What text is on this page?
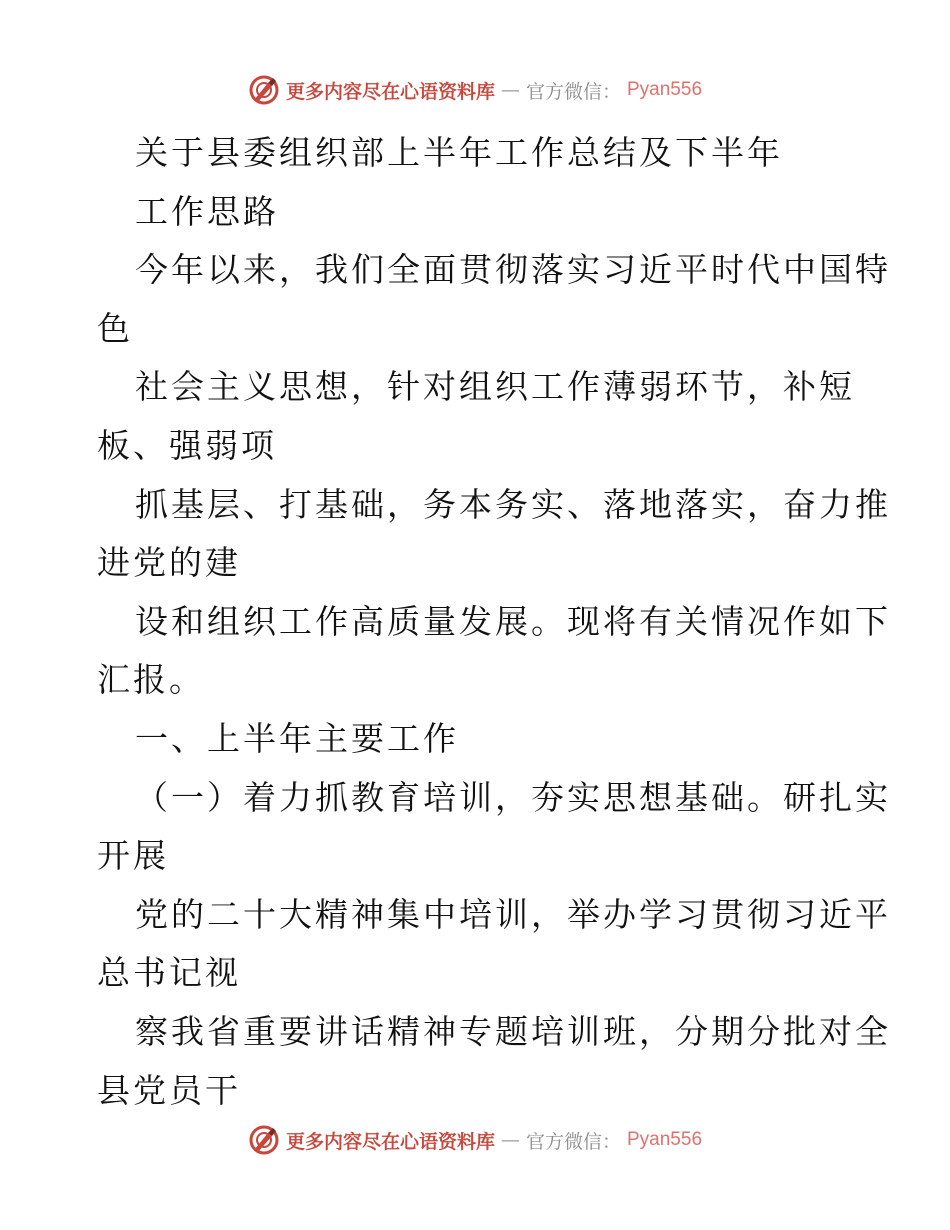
更多内容尽在心语资料库 — 官方微信： Pyan556
关于县委组织部上半年工作总结及下半年
工作思路
今年以来，我们全面贯彻落实习近平时代中国特
色
社会主义思想，针对组织工作薄弱环节，补短
板、强弱项
抓基层、打基础，务本务实、落地落实，奋力推
进党的建
设和组织工作高质量发展。现将有关情况作如下
汇报。
一、上半年主要工作
（一）着力抓教育培训，夯实思想基础。研扎实
开展
党的二十大精神集中培训，举办学习贯彻习近平
总书记视
察我省重要讲话精神专题培训班，分期分批对全
县党员干
更多内容尽在心语资料库 — 官方微信： Pyan556
